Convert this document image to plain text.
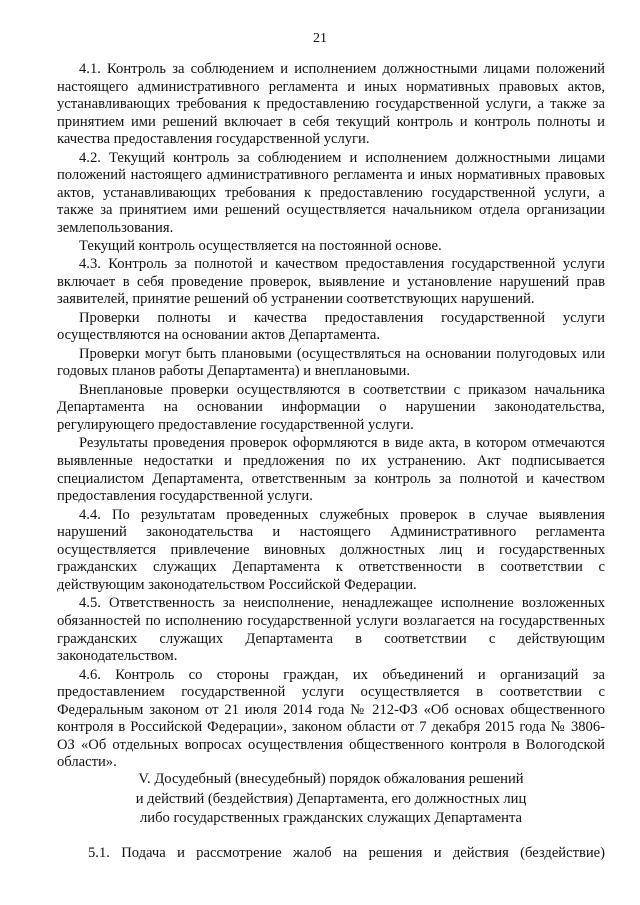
21

4.1. Контроль за соблюдением и исполнением должностными лицами положений настоящего административного регламента и иных нормативных правовых актов, устанавливающих требования к предоставлению государственной услуги, а также за принятием ими решений включает в себя текущий контроль и контроль полноты и качества предоставления государственной услуги.

4.2. Текущий контроль за соблюдением и исполнением должностными лицами положений настоящего административного регламента и иных нормативных правовых актов, устанавливающих требования к предоставлению государственной услуги, а также за принятием ими решений осуществляется начальником отдела организации землепользования.

Текущий контроль осуществляется на постоянной основе.

4.3. Контроль за полнотой и качеством предоставления государственной услуги включает в себя проведение проверок, выявление и установление нарушений прав заявителей, принятие решений об устранении соответствующих нарушений.

Проверки полноты и качества предоставления государственной услуги осуществляются на основании актов Департамента.

Проверки могут быть плановыми (осуществляться на основании полугодовых или годовых планов работы Департамента) и внеплановыми.

Внеплановые проверки осуществляются в соответствии с приказом начальника Департамента на основании информации о нарушении законодательства, регулирующего предоставление государственной услуги.

Результаты проведения проверок оформляются в виде акта, в котором отмечаются выявленные недостатки и предложения по их устранению. Акт подписывается специалистом Департамента, ответственным за контроль за полнотой и качеством предоставления государственной услуги.

4.4. По результатам проведенных служебных проверок в случае выявления нарушений законодательства и настоящего Административного регламента осуществляется привлечение виновных должностных лиц и государственных гражданских служащих Департамента к ответственности в соответствии с действующим законодательством Российской Федерации.

4.5. Ответственность за неисполнение, ненадлежащее исполнение возложенных обязанностей по исполнению государственной услуги возлагается на государственных гражданских служащих Департамента в соответствии с действующим законодательством.

4.6. Контроль со стороны граждан, их объединений и организаций за предоставлением государственной услуги осуществляется в соответствии с Федеральным законом от 21 июля 2014 года № 212-ФЗ «Об основах общественного контроля в Российской Федерации», законом области от 7 декабря 2015 года № 3806-ОЗ «Об отдельных вопросах осуществления общественного контроля в Вологодской области».

V. Досудебный (внесудебный) порядок обжалования решений
и действий (бездействия) Департамента, его должностных лиц
либо государственных гражданских служащих Департамента
5.1. Подача и рассмотрение жалоб на решения и действия (бездействие)
